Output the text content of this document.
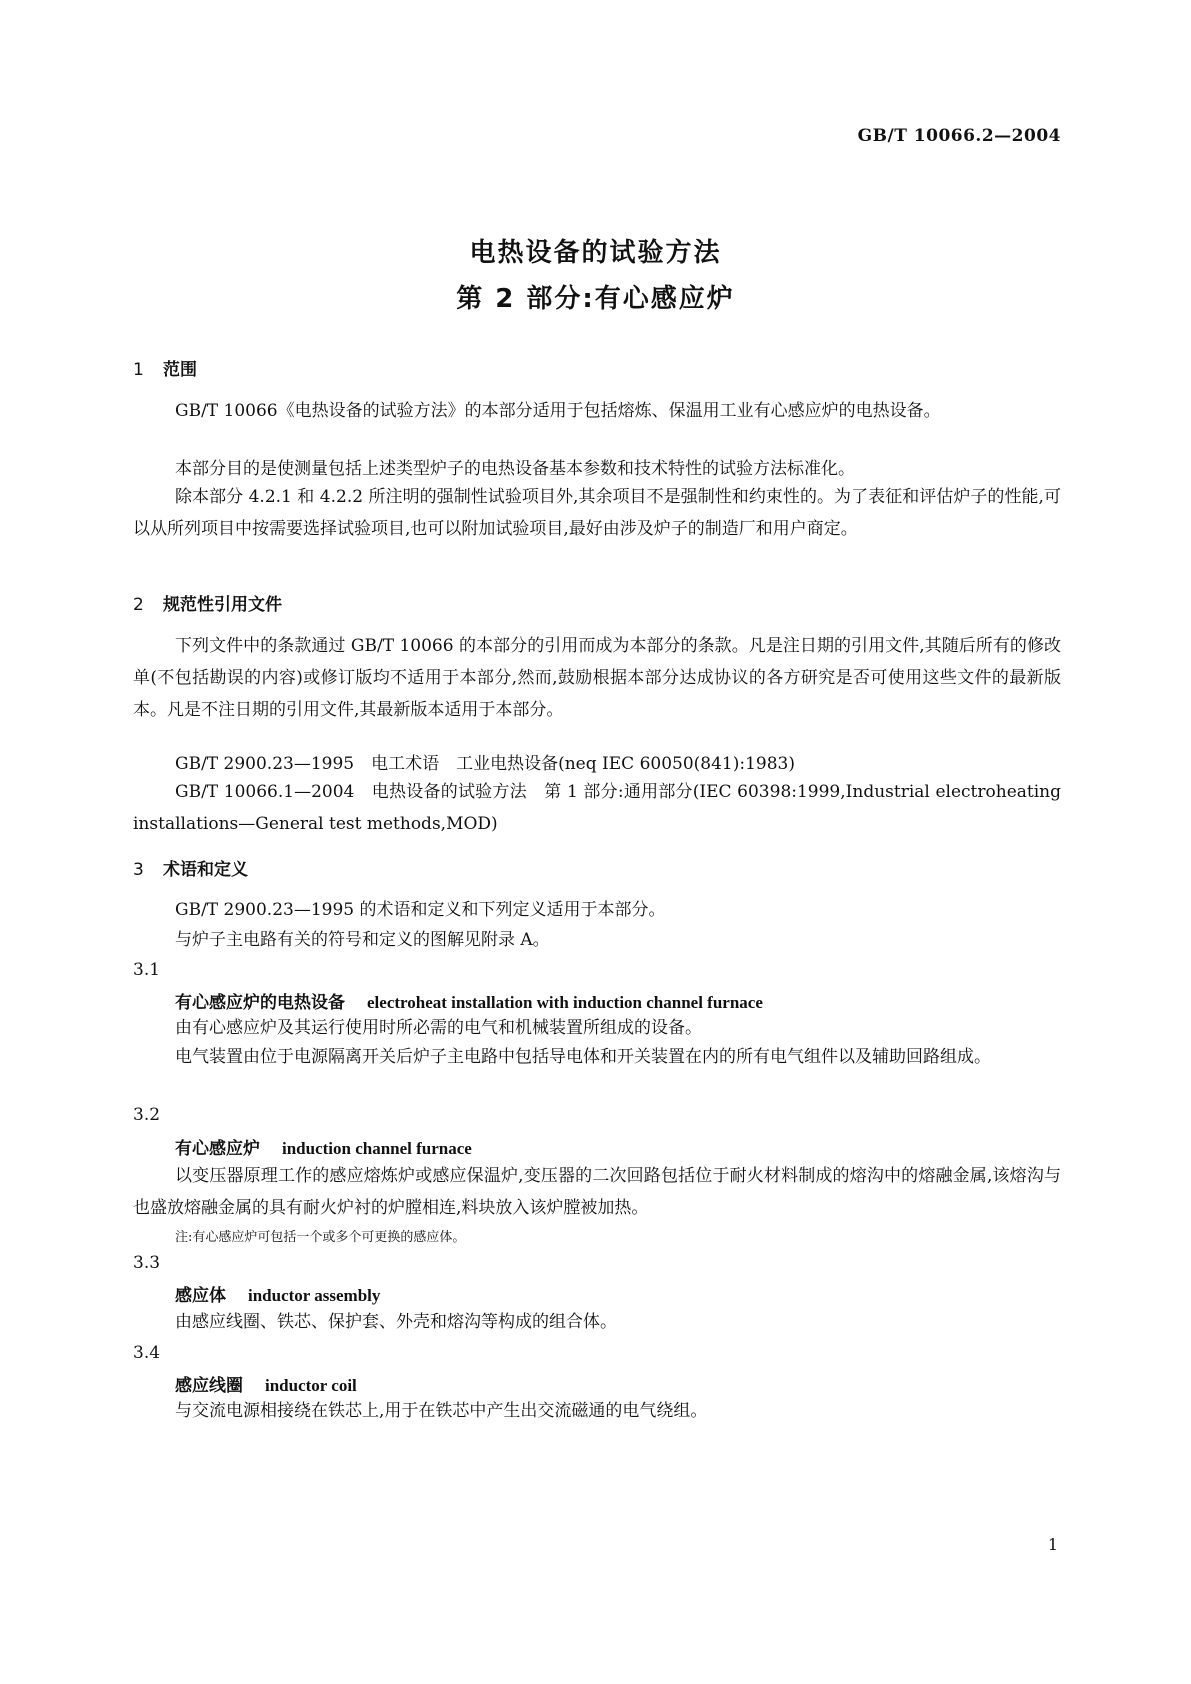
GB/T 10066.2—2004
电热设备的试验方法
第 2 部分:有心感应炉
1 范围
GB/T 10066《电热设备的试验方法》的本部分适用于包括熔炼、保温用工业有心感应炉的电热设备。
本部分目的是使测量包括上述类型炉子的电热设备基本参数和技术特性的试验方法标准化。
除本部分 4.2.1 和 4.2.2 所注明的强制性试验项目外,其余项目不是强制性和约束性的。为了表征和评估炉子的性能,可以从所列项目中按需要选择试验项目,也可以附加试验项目,最好由涉及炉子的制造厂和用户商定。
2 规范性引用文件
下列文件中的条款通过 GB/T 10066 的本部分的引用而成为本部分的条款。凡是注日期的引用文件,其随后所有的修改单(不包括勘误的内容)或修订版均不适用于本部分,然而,鼓励根据本部分达成协议的各方研究是否可使用这些文件的最新版本。凡是不注日期的引用文件,其最新版本适用于本部分。
GB/T 2900.23—1995　电工术语　工业电热设备(neq IEC 60050(841):1983)
GB/T 10066.1—2004　电热设备的试验方法　第 1 部分:通用部分(IEC 60398:1999,Industrial electroheating installations—General test methods,MOD)
3 术语和定义
GB/T 2900.23—1995 的术语和定义和下列定义适用于本部分。
与炉子主电路有关的符号和定义的图解见附录 A。
3.1
有心感应炉的电热设备 electroheat installation with induction channel furnace
由有心感应炉及其运行使用时所必需的电气和机械装置所组成的设备。
电气装置由位于电源隔离开关后炉子主电路中包括导电体和开关装置在内的所有电气组件以及辅助回路组成。
3.2
有心感应炉 induction channel furnace
以变压器原理工作的感应熔炼炉或感应保温炉,变压器的二次回路包括位于耐火材料制成的熔沟中的熔融金属,该熔沟与也盛放熔融金属的具有耐火炉衬的炉膛相连,料块放入该炉膛被加热。
注:有心感应炉可包括一个或多个可更换的感应体。
3.3
感应体 inductor assembly
由感应线圈、铁芯、保护套、外壳和熔沟等构成的组合体。
3.4
感应线圈 inductor coil
与交流电源相接绕在铁芯上,用于在铁芯中产生出交流磁通的电气绕组。
1
